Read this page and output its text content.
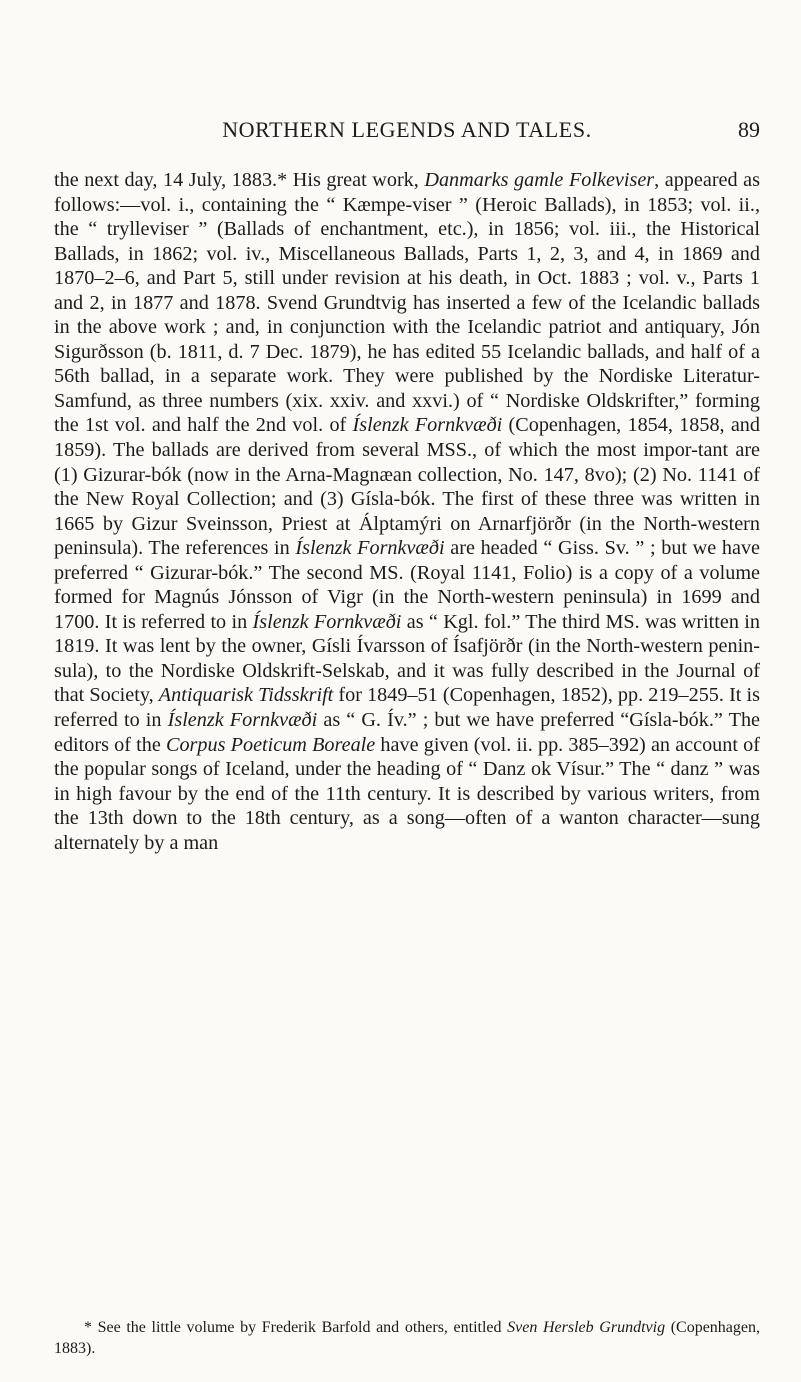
NORTHERN LEGENDS AND TALES.	89

the next day, 14 July, 1883.* His great work, Danmarks gamle Folkeviser, appeared as follows:—vol. i., containing the “ Kæmpe-viser ” (Heroic Ballads), in 1853; vol. ii., the “ trylleviser ” (Ballads of enchantment, etc.), in 1856; vol. iii., the Historical Ballads, in 1862; vol. iv., Miscellaneous Ballads, Parts 1, 2, 3, and 4, in 1869 and 1870–2–6, and Part 5, still under revision at his death, in Oct. 1883 ; vol. v., Parts 1 and 2, in 1877 and 1878. Svend Grundtvig has inserted a few of the Icelandic ballads in the above work ; and, in conjunction with the Icelandic patriot and antiquary, Jón Sigurðsson (b. 1811, d. 7 Dec. 1879), he has edited 55 Icelandic ballads, and half of a 56th ballad, in a separate work. They were published by the Nordiske Literatur-Samfund, as three numbers (xix. xxiv. and xxvi.) of “ Nordiske Oldskrifter,” forming the 1st vol. and half the 2nd vol. of Íslenzk Fornkvæði (Copenhagen, 1854, 1858, and 1859). The ballads are derived from several MSS., of which the most impor-tant are (1) Gizurar-bók (now in the Arna-Magnæan collection, No. 147, 8vo); (2) No. 1141 of the New Royal Collection; and (3) Gísla-bók. The first of these three was written in 1665 by Gizur Sveinsson, Priest at Álptamýri on Arnarfjörðr (in the North-western peninsula). The references in Íslenzk Fornkvæði are headed “ Giss. Sv. ” ; but we have preferred “ Gizurar-bók.” The second MS. (Royal 1141, Folio) is a copy of a volume formed for Magnús Jónsson of Vigr (in the North-western peninsula) in 1699 and 1700. It is referred to in Íslenzk Fornkvæði as “ Kgl. fol.” The third MS. was written in 1819. It was lent by the owner, Gísli Ívarsson of Ísafjörðr (in the North-western penin-sula), to the Nordiske Oldskrift-Selskab, and it was fully described in the Journal of that Society, Antiquarisk Tidsskrift for 1849–51 (Copenhagen, 1852), pp. 219–255. It is referred to in Íslenzk Fornkvæði as “ G. Ív.” ; but we have preferred “Gísla-bók.” The editors of the Corpus Poeticum Boreale have given (vol. ii. pp. 385–392) an account of the popular songs of Iceland, under the heading of “ Danz ok Vísur.” The “ danz ” was in high favour by the end of the 11th century. It is described by various writers, from the 13th down to the 18th century, as a song—often of a wanton character—sung alternately by a man

* See the little volume by Frederik Barfold and others, entitled Sven Hersleb Grundtvig (Copenhagen, 1883).
